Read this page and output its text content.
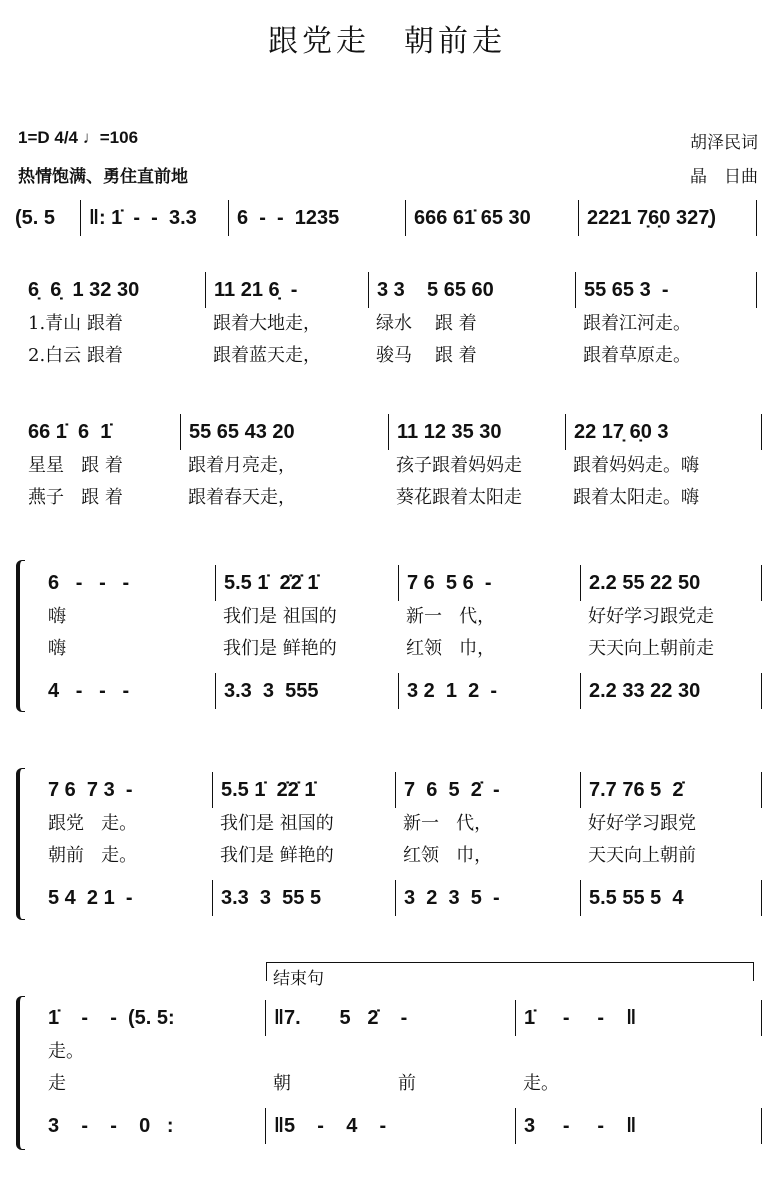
跟党走　朝前走
1=D 4/4 ♩=106
热情饱满、勇住直前地
胡泽民词
晶　日曲
结束句
(5. 5	‖: 1̇  -  -  3.3	6  -  -  1235	666 61̇ 65 30	2221 7̣6̣0 327̣)
6̣  6̣  1 32 30	11 21 6̣  -	3 3    5 65 60	55 65 3  -
1.青山 跟着	跟着大地走，	绿水    跟 着	跟着江河走。
2.白云 跟着	跟着蓝天走，	骏马    跟 着	跟着草原走。
66 1̇  6  1̇	55 65 43 20	11 12 35 30	22 17̣ 6̣0 3
星星   跟 着	跟着月亮走，	孩子跟着妈妈走	跟着妈妈走。嗨
燕子   跟 着	跟着春天走，	葵花跟着太阳走	跟着太阳走。嗨
6   -   -   -	5.5 1̇  2̇2̇ 1̇	7 6  5 6  -	2.2 55 22 50
嗨	我们是 祖国的	新一   代，	好好学习跟党走
嗨	我们是 鲜艳的	红领   巾，	天天向上朝前走
4   -   -   -	3.3  3  555	3 2  1  2  -	2.2 33 22 30
7 6  7 3  -	5.5 1̇  2̇2̇ 1̇	7  6  5  2̇  -	7.7 76 5  2̇
跟党   走。	我们是 祖国的	新一   代，	好好学习跟党
朝前   走。	我们是 鲜艳的	红领   巾，	天天向上朝前
5 4  2 1  -	3.3  3  55 5	3  2  3  5  -	5.5 55 5  4
1̇    -    -  (5. 5:	‖7.       5   2̇    -	1̇     -     -    ‖
走。
走	朝	前	走。
3    -    -    0   :	‖5    -    4    -	3     -     -    ‖
